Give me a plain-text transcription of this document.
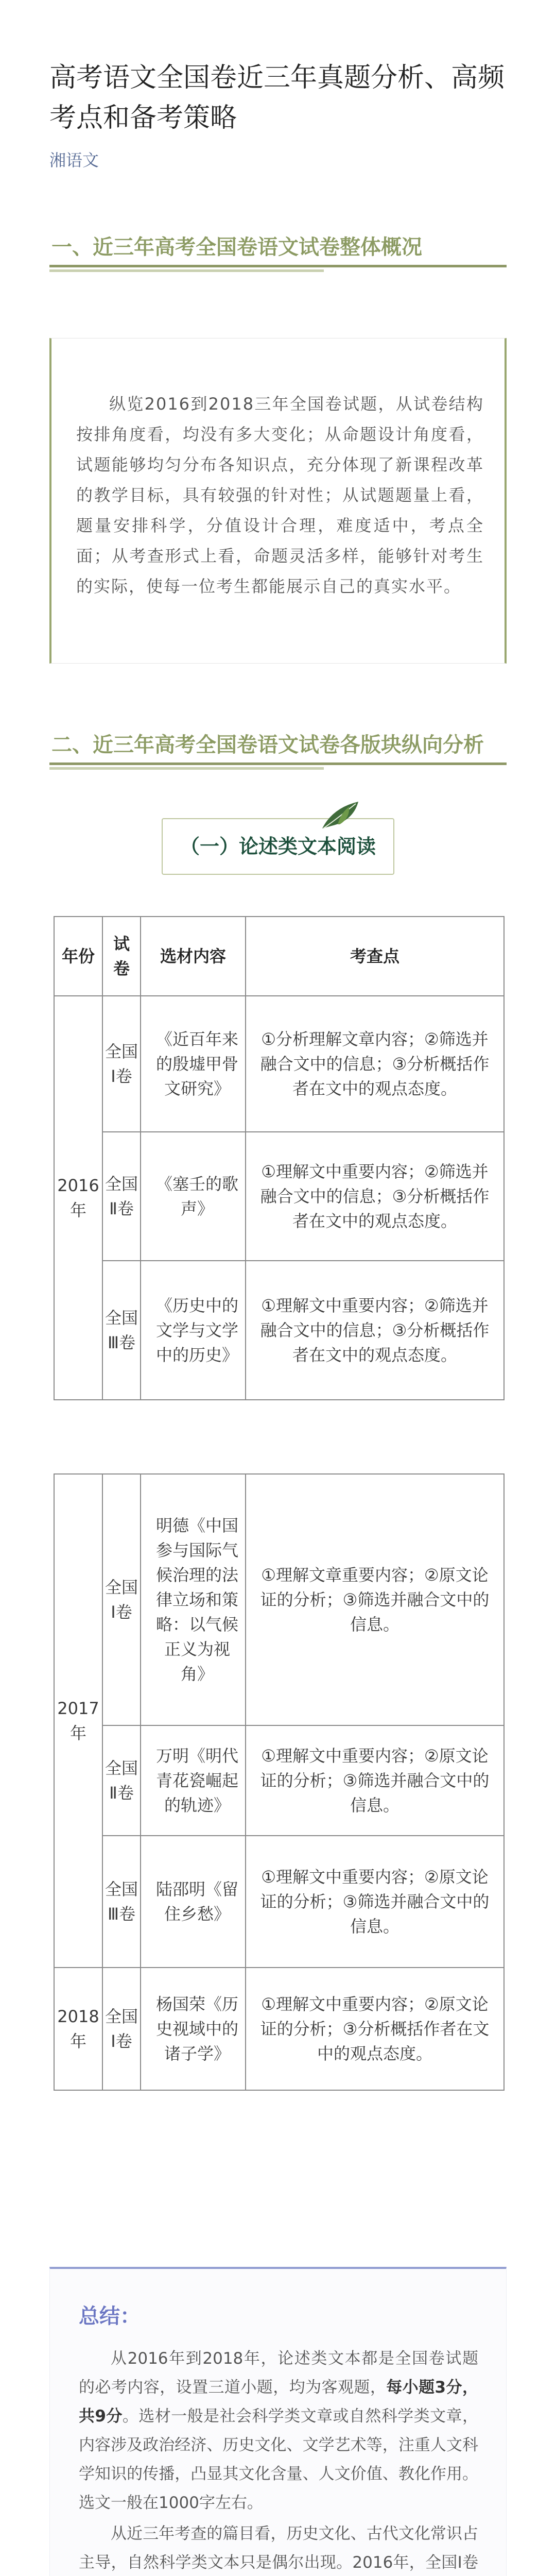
高考语文全国卷近三年真题分析、高频考点和备考策略
湘语文
一、近三年高考全国卷语文试卷整体概况

纵览2016到2018三年全国卷试题，从试卷结构按排角度看，均没有多大变化；从命题设计角度看，试题能够均匀分布各知识点，充分体现了新课程改革的教学目标，具有较强的针对性；从试题题量上看，题量安排科学，分值设计合理，难度适中，考点全面；从考查形式上看，命题灵活多样，能够针对考生的实际，使每一位考生都能展示自己的真实水平。

二、近三年高考全国卷语文试卷各版块纵向分析
（一）论述类文本阅读
年份	试卷	选材内容	考查点
2016年	全国Ⅰ卷	《近百年来的殷墟甲骨文研究》	①分析理解文章内容；②筛选并融合文中的信息；③分析概括作者在文中的观点态度。
	全国Ⅱ卷	《塞壬的歌声》	①理解文中重要内容；②筛选并融合文中的信息；③分析概括作者在文中的观点态度。
	全国Ⅲ卷	《历史中的文学与文学中的历史》	①理解文中重要内容；②筛选并融合文中的信息；③分析概括作者在文中的观点态度。
2017年	全国Ⅰ卷	明德《中国参与国际气候治理的法律立场和策略：以气候正义为视角》	①理解文章重要内容；②原文论证的分析；③筛选并融合文中的信息。
	全国Ⅱ卷	万明《明代青花瓷崛起的轨迹》	①理解文中重要内容；②原文论证的分析；③筛选并融合文中的信息。
	全国Ⅲ卷	陆邵明《留住乡愁》	①理解文中重要内容；②原文论证的分析；③筛选并融合文中的信息。
2018年	全国Ⅰ卷	杨国荣《历史视域中的诸子学》	①理解文中重要内容；②原文论证的分析；③分析概括作者在文中的观点态度。
总结：

从2016年到2018年，论述类文本都是全国卷试题的必考内容，设置三道小题，均为客观题，每小题3分，共9分。选材一般是社会科学类文章或自然科学类文章，内容涉及政治经济、历史文化、文学艺术等，注重人文科学知识的传播，凸显其文化含量、人文价值、教化作用。选文一般在1000字左右。

从近三年考查的篇目看，历史文化、古代文化常识占主导，自然科学类文本只是偶尔出现。2016年，全国Ⅰ卷
